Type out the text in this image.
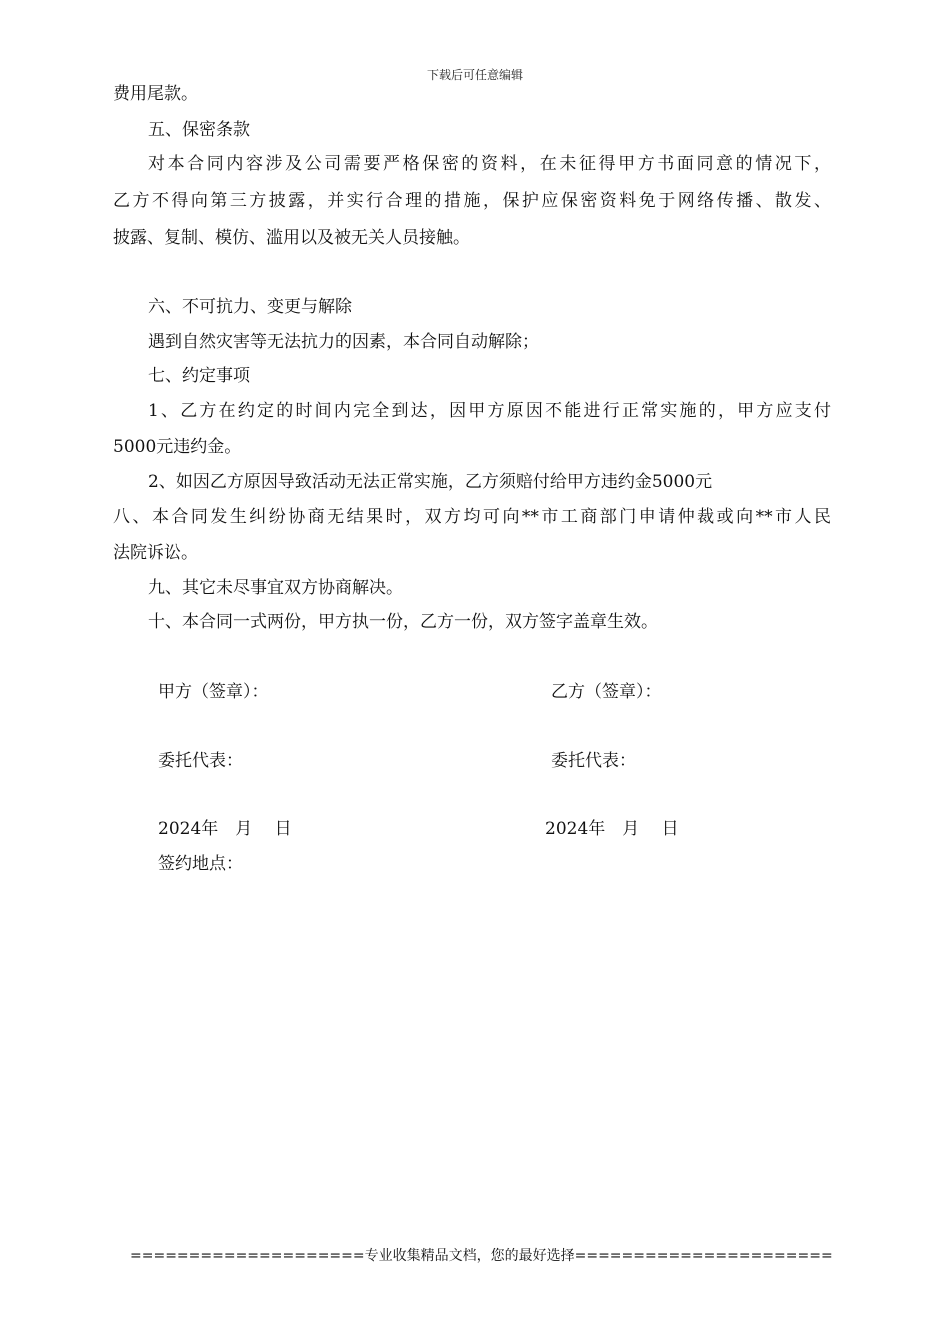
下载后可任意编辑
费用尾款。
五、保密条款
对本合同内容涉及公司需要严格保密的资料，在未征得甲方书面同意的情况下，
乙方不得向第三方披露，并实行合理的措施，保护应保密资料免于网络传播、散发、
披露、复制、模仿、滥用以及被无关人员接触。
六、不可抗力、变更与解除
遇到自然灾害等无法抗力的因素，本合同自动解除；
七、约定事项
1、乙方在约定的时间内完全到达，因甲方原因不能进行正常实施的，甲方应支付
5000元违约金。
2、如因乙方原因导致活动无法正常实施，乙方须赔付给甲方违约金5000元
八、本合同发生纠纷协商无结果时，双方均可向**市工商部门申请仲裁或向**市人民
法院诉讼。
九、其它未尽事宜双方协商解决。
十、本合同一式两份，甲方执一份，乙方一份，双方签字盖章生效。
甲方（签章）：	乙方（签章）：
委托代表：	委托代表：
2024年　月　 日	2024年　月　 日
签约地点：
====================专业收集精品文档，您的最好选择======================
